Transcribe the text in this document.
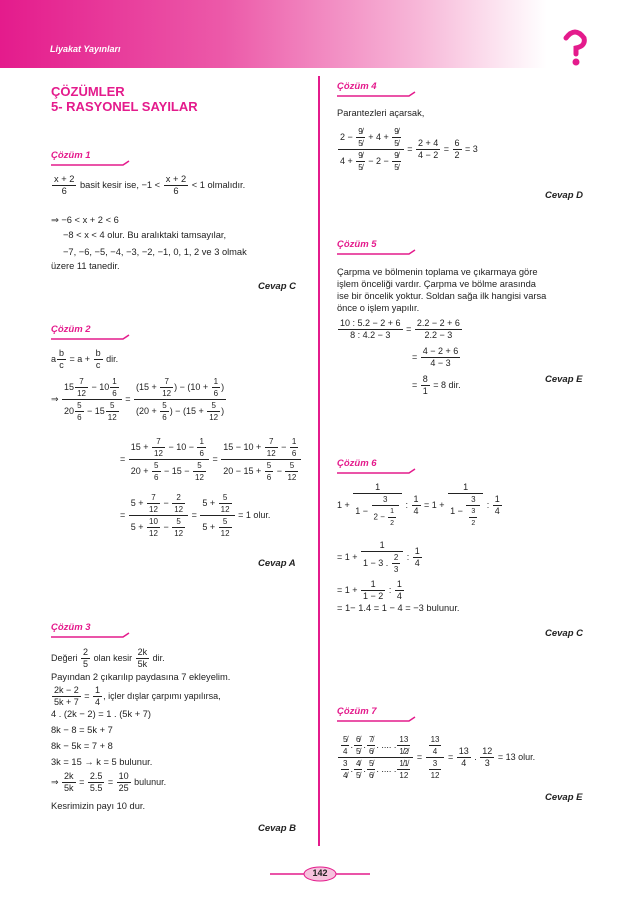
Liyakat Yayınları
ÇÖZÜMLER
5- RASYONEL SAYILAR
Çözüm 1
$\frac{x + 2}{6}$ basit kesir ise, $-1 < \frac{x + 2}{6} < 1$ olmalıdır.
⇒ −6 < x + 2 < 6
−8 < x < 4 olur. Bu aralıktaki tamsayılar,
−7, −6, −5, −4, −3, −2, −1, 0, 1, 2 ve 3 olmak
üzere 11 tanedir.
Cevap C
Çözüm 2
a $\frac{b}{c} = a + \frac{b}{c}$ dir.
⇒ $\frac{15 \frac{7}{12} - 10 \frac{1}{6}}{20 \frac{5}{6} - 15 \frac{5}{12}} = \frac{(15 + \frac{7}{12} ) - (10 + \frac{1}{6} )}{(20 + \frac{5}{6} ) - (15 + \frac{5}{12} )}$
= $\frac{15 + \frac{7}{12} - 10 - \frac{1}{6}}{20 + \frac{5}{6} - 15 - \frac{5}{12}} = \frac{15 - 10 + \frac{7}{12} - \frac{1}{6}}{20 - 15 + \frac{5}{6} - \frac{5}{12}}$
= $\frac{5 + \frac{7}{12} - \frac{2}{12}}{5 + \frac{10}{12} - \frac{5}{12}} = \frac{5 + \frac{5}{12}}{5 + \frac{5}{12}} = 1$ olur.
Cevap A
Çözüm 3
Değeri $\frac{2}{5}$ olan kesir $\frac{2k}{5k}$ dir.
Payından 2 çıkarılıp paydasına 7 ekleyelim.
$\frac{2k - 2}{5k + 7} = \frac{1}{4}$ , içler dışlar çarpımı yapılırsa,
4 . (2k − 2) = 1 . (5k + 7)
8k − 8 = 5k + 7
8k − 5k = 7 + 8
3k = 15 → k = 5 bulunur.
⇒ $\frac{2k}{5k} = \frac{2.5}{5.5} = \frac{10}{25}$ bulunur.
Kesrimizin payı 10 dur.
Cevap B
Çözüm 4
Parantezleri açarsak,
$\frac{2 - \frac{9̸}{5̸} + 4 + \frac{9̸}{5̸}}{4 + \frac{9̸}{5̸} - 2 - \frac{9̸}{5̸}} = \frac{2 + 4}{4 - 2} = \frac{6}{2} = 3$
Cevap D
Çözüm 5
Çarpma ve bölmenin toplama ve çıkarmaya göre
işlem önceliği vardır. Çarpma ve bölme arasında
ise bir öncelik yoktur. Soldan sağa ilk hangisi varsa
önce o işlem yapılır.
$\frac{10 : 5.2 - 2 + 6}{8 : 4.2 - 3} = \frac{2.2 - 2 + 6}{2.2 - 3}$
= $\frac{4 - 2 + 6}{4 - 3}$
= $\frac{8}{1} = 8$ dir.	Cevap E
Çözüm 6
$1 + \frac{1}{1 - \frac{3}{2 - \frac{1}{2}}}$ : $\frac{1}{4} = 1 + \frac{1}{1 - \frac{3}{\frac{3}{2}}}$ : $\frac{1}{4}$
= $1 + \frac{1}{1 - 3 . \frac{2}{3}}$ : $\frac{1}{4}$
= $1 + \frac{1}{1 - 2}$ : $\frac{1}{4}$
= 1− 1.4 = 1 − 4 = −3 bulunur.
Cevap C
Çözüm 7
$\frac{\frac{5̸}{4} . \frac{6̸}{5̸} . \frac{7̸}{6̸} . .... . \frac{13}{1̸2̸}}{\frac{3}{4̸} . \frac{4̸}{5̸} . \frac{5̸}{6̸} . .... . \frac{1̸1̸}{12}} = \frac{\frac{13}{4}}{\frac{3}{12}} = \frac{13}{4}$ . $\frac{12}{3} = 13$ olur.
Cevap E
142
